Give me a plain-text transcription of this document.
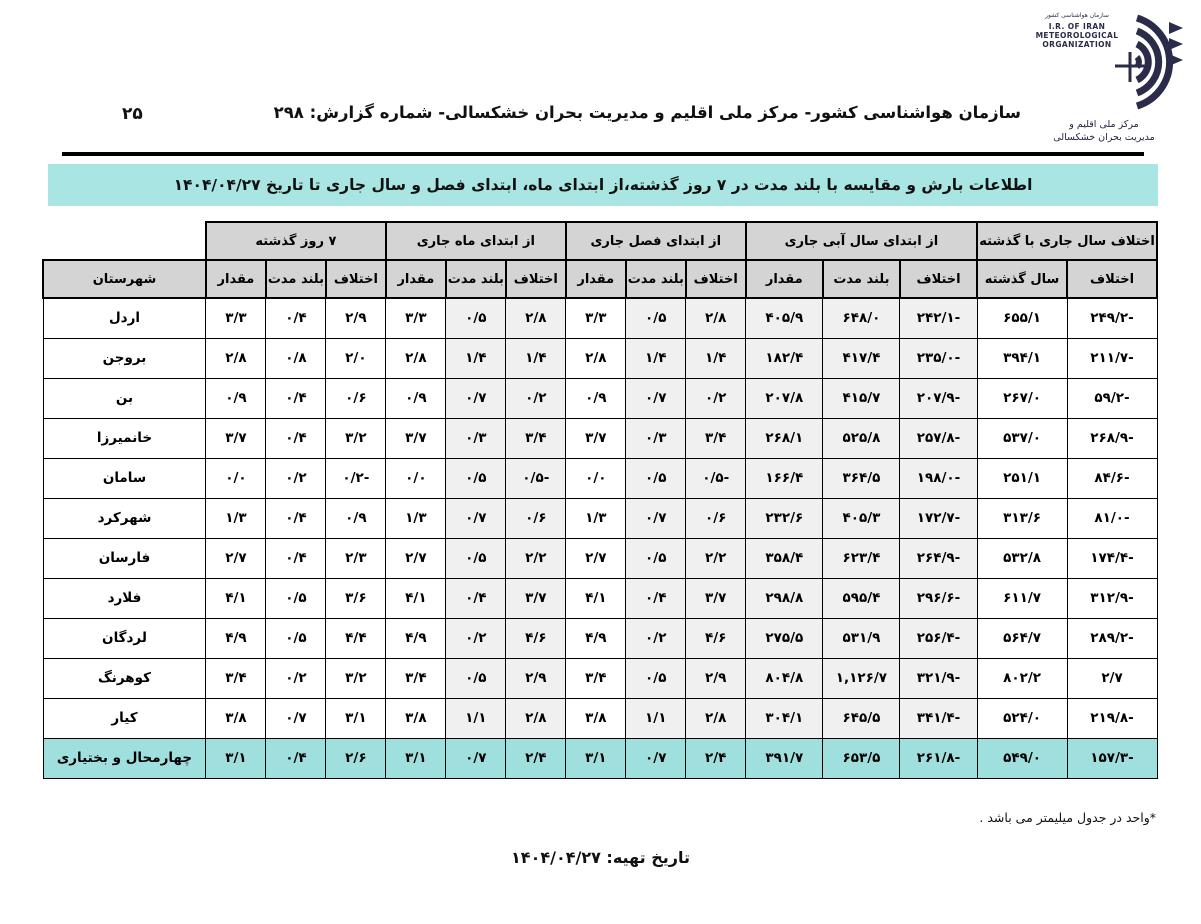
سازمان هواشناسی کشور
I.R. OF IRAN
METEOROLOGICAL
ORGANIZATION
مرکز ملی اقلیم و
مدیریت بحران خشکسالی
۲۵	سازمان هواشناسی کشور- مرکز ملی اقلیم و مدیریت بحران خشکسالی- شماره گزارش: ۲۹۸
اطلاعات بارش و مقایسه با بلند مدت در ۷ روز گذشته،از ابتدای ماه، ابتدای فصل و سال جاری تا تاریخ ۱۴۰۴/۰۴/۲۷
اختلاف سال جاری با گذشته		از ابتدای سال آبی جاری			از ابتدای فصل جاری			از ابتدای ماه جاری			۷ روز گذشته			
اختلاف	سال گذشته	اختلاف	بلند مدت	مقدار	اختلاف	بلند مدت	مقدار	اختلاف	بلند مدت	مقدار	اختلاف	بلند مدت	مقدار	شهرستان
-۲۴۹/۲	۶۵۵/۱	-۲۴۲/۱	۶۴۸/۰	۴۰۵/۹	۲/۸	۰/۵	۳/۳	۲/۸	۰/۵	۳/۳	۲/۹	۰/۴	۳/۳	اردل
-۲۱۱/۷	۳۹۴/۱	-۲۳۵/۰	۴۱۷/۴	۱۸۲/۴	۱/۴	۱/۴	۲/۸	۱/۴	۱/۴	۲/۸	۲/۰	۰/۸	۲/۸	بروجن
-۵۹/۲	۲۶۷/۰	-۲۰۷/۹	۴۱۵/۷	۲۰۷/۸	۰/۲	۰/۷	۰/۹	۰/۲	۰/۷	۰/۹	۰/۶	۰/۴	۰/۹	بن
-۲۶۸/۹	۵۳۷/۰	-۲۵۷/۸	۵۲۵/۸	۲۶۸/۱	۳/۴	۰/۳	۳/۷	۳/۴	۰/۳	۳/۷	۳/۲	۰/۴	۳/۷	خانمیرزا
-۸۴/۶	۲۵۱/۱	-۱۹۸/۰	۳۶۴/۵	۱۶۶/۴	-۰/۵	۰/۵	۰/۰	-۰/۵	۰/۵	۰/۰	-۰/۲	۰/۲	۰/۰	سامان
-۸۱/۰	۳۱۳/۶	-۱۷۲/۷	۴۰۵/۳	۲۳۲/۶	۰/۶	۰/۷	۱/۳	۰/۶	۰/۷	۱/۳	۰/۹	۰/۴	۱/۳	شهرکرد
-۱۷۴/۴	۵۳۲/۸	-۲۶۴/۹	۶۲۳/۴	۳۵۸/۴	۲/۲	۰/۵	۲/۷	۲/۲	۰/۵	۲/۷	۲/۳	۰/۴	۲/۷	فارسان
-۳۱۲/۹	۶۱۱/۷	-۲۹۶/۶	۵۹۵/۴	۲۹۸/۸	۳/۷	۰/۴	۴/۱	۳/۷	۰/۴	۴/۱	۳/۶	۰/۵	۴/۱	فلارد
-۲۸۹/۲	۵۶۴/۷	-۲۵۶/۴	۵۳۱/۹	۲۷۵/۵	۴/۶	۰/۲	۴/۹	۴/۶	۰/۲	۴/۹	۴/۴	۰/۵	۴/۹	لردگان
۲/۷	۸۰۲/۲	-۳۲۱/۹	۱,۱۲۶/۷	۸۰۴/۸	۲/۹	۰/۵	۳/۴	۲/۹	۰/۵	۳/۴	۳/۲	۰/۲	۳/۴	کوهرنگ
-۲۱۹/۸	۵۲۴/۰	-۳۴۱/۴	۶۴۵/۵	۳۰۴/۱	۲/۸	۱/۱	۳/۸	۲/۸	۱/۱	۳/۸	۳/۱	۰/۷	۳/۸	کیار
-۱۵۷/۳	۵۴۹/۰	-۲۶۱/۸	۶۵۳/۵	۳۹۱/۷	۲/۴	۰/۷	۳/۱	۲/۴	۰/۷	۳/۱	۲/۶	۰/۴	۳/۱	چهارمحال و بختیاری
*واحد در جدول میلیمتر می باشد .
تاریخ تهیه: ۱۴۰۴/۰۴/۲۷
